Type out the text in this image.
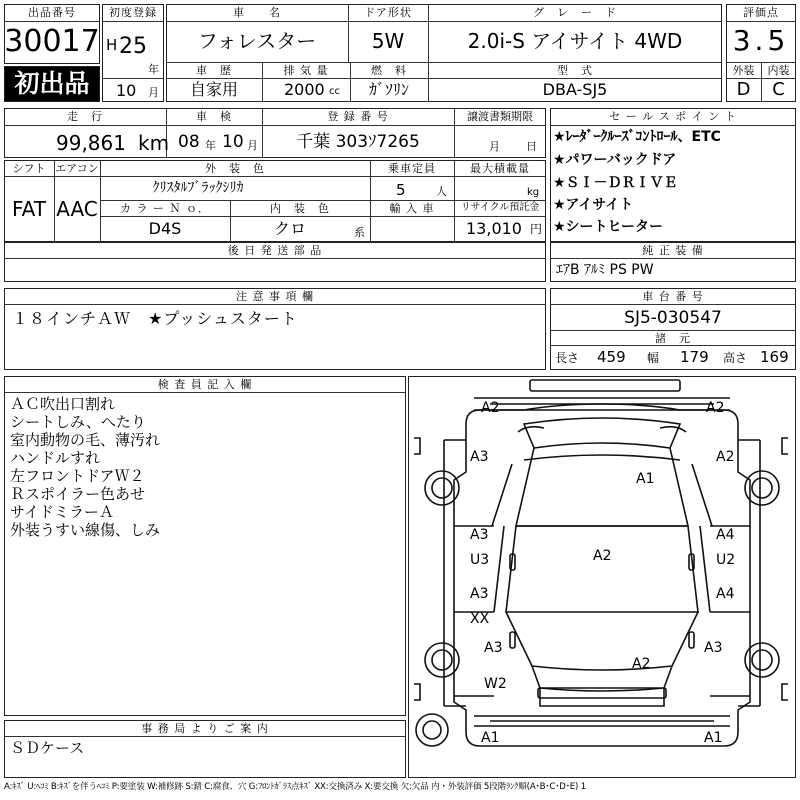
出品番号
30017
初出品
初度登録
H 25
年
10 月
車　　名
フォレスター
ドア形状
5W
グ　レ　ー　ド
2.0i-S アイサイト 4WD
車　歴
自家用
排 気 量
2000 cc
燃　料
ｶﾞｿﾘﾝ
型　式
DBA-SJ5
評価点
3.5
外装	内装
D	C
走　行
99,861 km
車　検
08 年 10 月
登 録 番 号
千葉 303ｿ7265
譲渡書類期限
月 日
シフト
FAT
エアコン
AAC
外　装　色
ｸﾘｽﾀﾙﾌﾞﾗｯｸｼﾘｶ
乗車定員
5	人
最大積載量
kg
カ ラ ー Ｎ ｏ．
D4S
内　装　色
クロ	系
輸 入 車	リサイクル預託金
13,010 円
後 日 発 送 部 品
セ ー ル ス ポ イ ン ト
★ﾚｰﾀﾞｰｸﾙｰｽﾞｺﾝﾄﾛｰﾙ、ETC
★パワーバックドア
★ＳＩ－ＤＲＩＶＥ
★アイサイト
★シートヒーター
純 正 装 備
ｴｱB ｱﾙﾐ PS PW
注 意 事 項 欄
１８インチＡＷ　★プッシュスタート
車 台 番 号
SJ5-030547
諸　元
長さ 459 幅 179 高さ 169
検 査 員 記 入 欄
ＡＣ吹出口割れ
シートしみ、へたり
室内動物の毛、薄汚れ
ハンドルすれ
左フロントドアＷ２
Ｒスポイラー色あせ
サイドミラーＡ
外装うすい線傷、しみ
事 務 局 よ り ご 案 内
ＳＤケース
A2	A2
A3
A1
A2
A3
U3
A4
U2
A2
A3
XX
A4
A3
W2
A3
A2
A1	A1
A:ｷｽﾞ U:ﾍｺﾐ B:ｷｽﾞを伴うﾍｺﾐ P:要塗装 W:補修跡 S:錆 C:腐食、穴 G:ﾌﾛﾝﾄｶﾞﾗｽ点ｷｽﾞ XX:交換済み X:要交換 欠:欠品 内・外装評価 5段階ﾗﾝｸ順(A･B･C･D･E) 1
